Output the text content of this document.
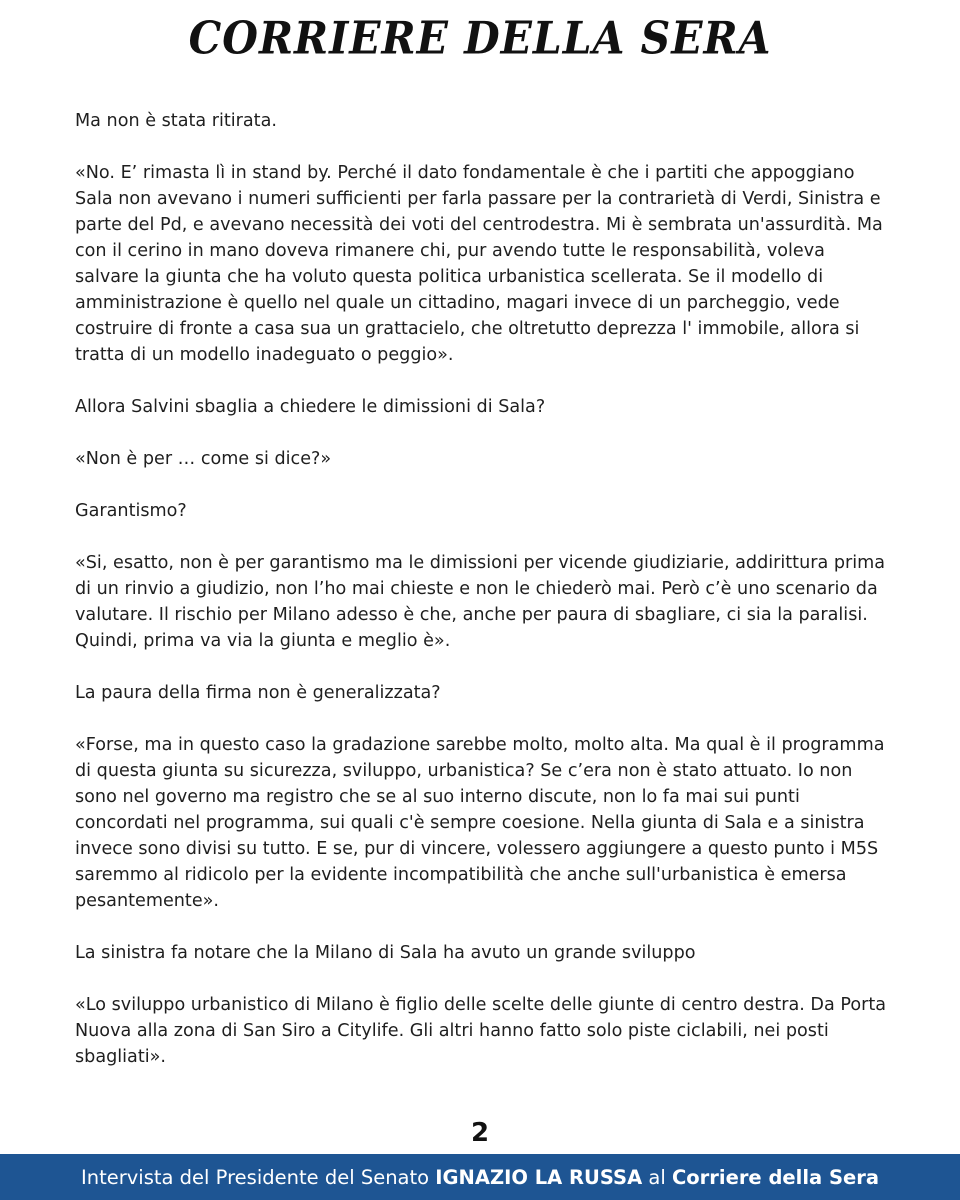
CORRIERE DELLA SERA

Ma non è stata ritirata.

«No. E’ rimasta lì in stand by. Perché il dato fondamentale è che i partiti che appoggiano Sala non avevano i numeri sufficienti per farla passare per la contrarietà di Verdi, Sinistra e parte del Pd, e avevano necessità dei voti del centrodestra. Mi è sembrata un'assurdità. Ma con il cerino in mano doveva rimanere chi, pur avendo tutte le responsabilità, voleva salvare la giunta che ha voluto questa politica urbanistica scellerata. Se il modello di amministrazione è quello nel quale un cittadino, magari invece di un parcheggio, vede costruire di fronte a casa sua un grattacielo, che oltretutto deprezza l' immobile, allora si tratta di un modello inadeguato o peggio».

Allora Salvini sbaglia a chiedere le dimissioni di Sala?

«Non è per … come si dice?»

Garantismo?

«Si, esatto, non è per garantismo ma le dimissioni per vicende giudiziarie, addirittura prima di un rinvio a giudizio, non l’ho mai chieste e non le chiederò mai. Però c’è uno scenario da valutare. Il rischio per Milano adesso è che, anche per paura di sbagliare, ci sia la paralisi. Quindi, prima va via la giunta e meglio è».

La paura della firma non è generalizzata?

«Forse, ma in questo caso la gradazione sarebbe molto, molto alta. Ma qual è il programma di questa giunta su sicurezza, sviluppo, urbanistica? Se c’era non è stato attuato. Io non sono nel governo ma registro che se al suo interno discute, non lo fa mai sui punti concordati nel programma, sui quali c'è sempre coesione. Nella giunta di Sala e a sinistra invece sono divisi su tutto. E se, pur di vincere, volessero aggiungere a questo punto i M5S saremmo al ridicolo per la evidente incompatibilità che anche sull'urbanistica è emersa pesantemente».

La sinistra fa notare che la Milano di Sala ha avuto un grande sviluppo

«Lo sviluppo urbanistico di Milano è figlio delle scelte delle giunte di centro destra. Da Porta Nuova alla zona di San Siro a Citylife. Gli altri hanno fatto solo piste ciclabili, nei posti sbagliati».

2
Intervista del Presidente del Senato
IGNAZIO LA RUSSA
al
Corriere della Sera
